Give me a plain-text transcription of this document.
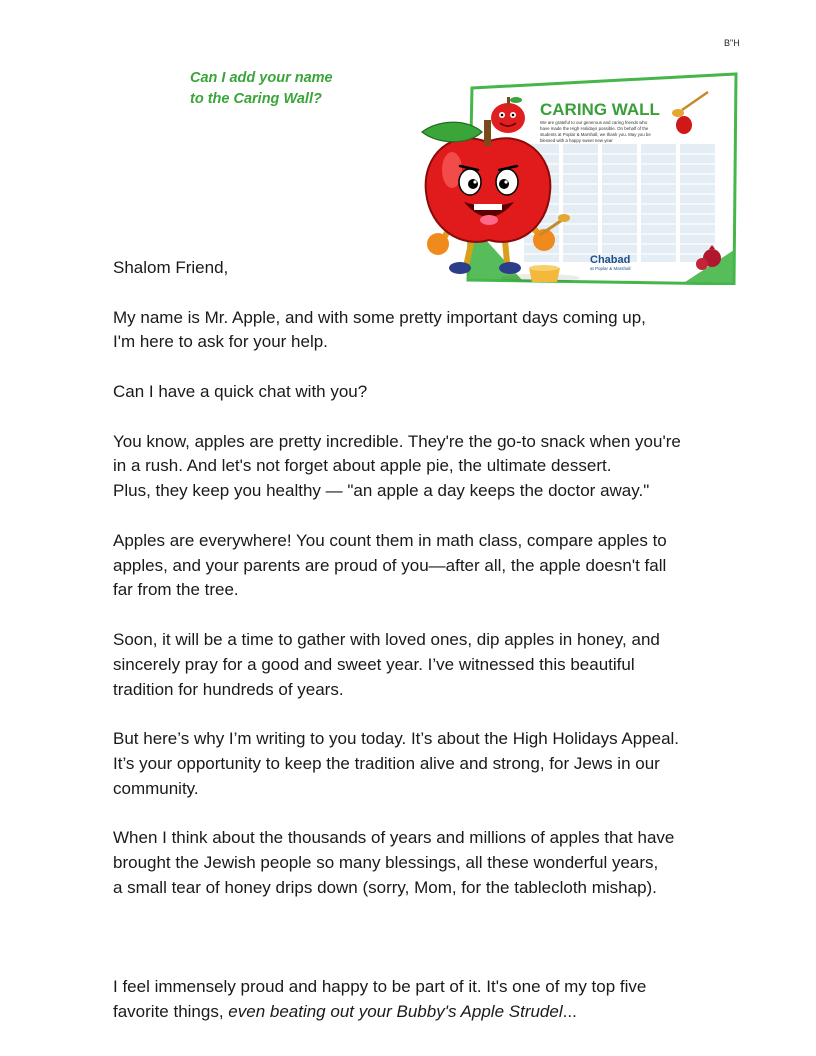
B"H
Can I add your name
to the Caring Wall?
CARING WALL
We are grateful to our generous and caring friends who
have made the High Holidays possible. On behalf of the
students at Poplar & Marshall, we thank you. May you be
blessed with a happy sweet new year
Chabad
at Poplar & Marshall

Shalom Friend,

My name is Mr. Apple, and with some pretty important days coming up,

I'm here to ask for your help.

Can I have a quick chat with you?

You know, apples are pretty incredible. They're the go-to snack when you're

in a rush. And let's not forget about apple pie, the ultimate dessert.

Plus, they keep you healthy — "an apple a day keeps the doctor away."

Apples are everywhere! You count them in math class, compare apples to

apples, and your parents are proud of you—after all, the apple doesn't fall

far from the tree.

Soon, it will be a time to gather with loved ones, dip apples in honey, and

sincerely pray for a good and sweet year. I’ve witnessed this beautiful

tradition for hundreds of years.

But here’s why I’m writing to you today. It’s about the High Holidays Appeal.

It’s your opportunity to keep the tradition alive and strong, for Jews in our

community.

When I think about the thousands of years and millions of apples that have

brought the Jewish people so many blessings, all these wonderful years,

a small tear of honey drips down (sorry, Mom, for the tablecloth mishap).

I feel immensely proud and happy to be part of it. It's one of my top five

favorite things, even beating out your Bubby's Apple Strudel...
